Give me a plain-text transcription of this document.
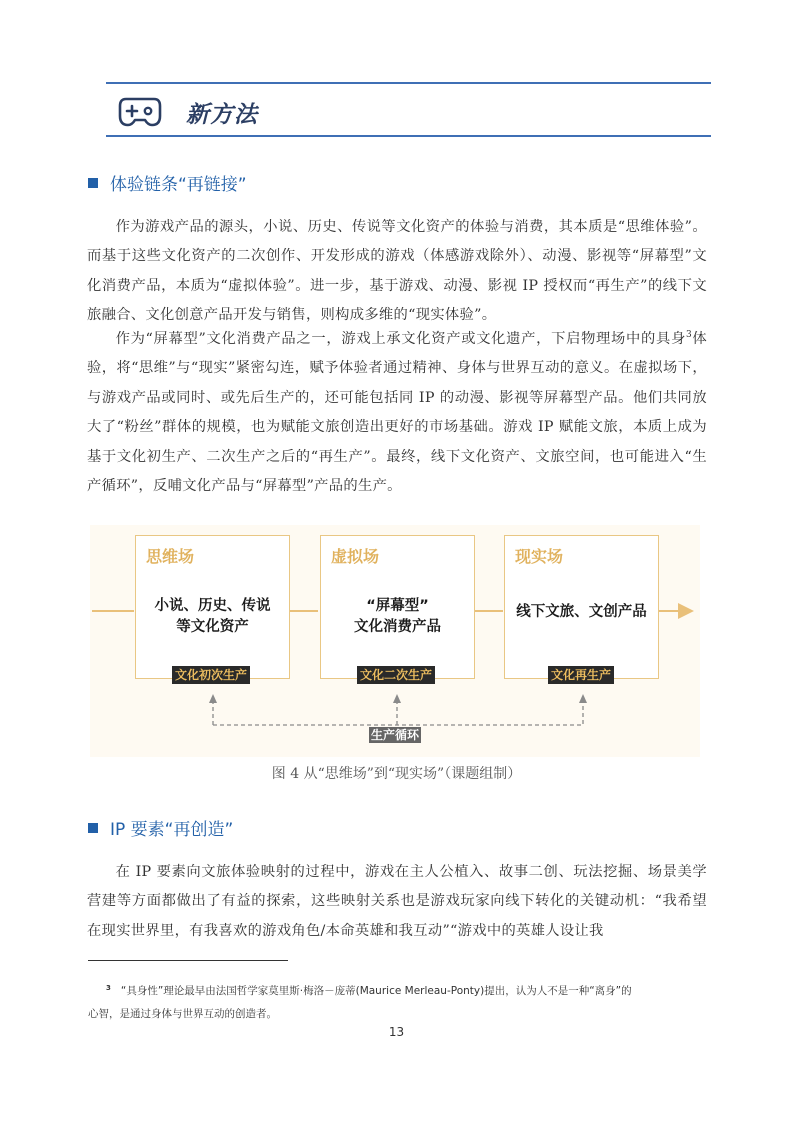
新方法
体验链条“再链接”

作为游戏产品的源头，小说、历史、传说等文化资产的体验与消费，其本质是“思维体验”。而基于这些文化资产的二次创作、开发形成的游戏（体感游戏除外）、动漫、影视等“屏幕型”文化消费产品，本质为“虚拟体验”。进一步，基于游戏、动漫、影视 IP 授权而“再生产”的线下文旅融合、文化创意产品开发与销售，则构成多维的“现实体验”。

作为“屏幕型”文化消费产品之一，游戏上承文化资产或文化遗产，下启物理场中的具身$^3$体验，将“思维”与“现实”紧密勾连，赋予体验者通过精神、身体与世界互动的意义。在虚拟场下，与游戏产品或同时、或先后生产的，还可能包括同 IP 的动漫、影视等屏幕型产品。他们共同放大了“粉丝”群体的规模，也为赋能文旅创造出更好的市场基础。游戏 IP 赋能文旅，本质上成为基于文化初生产、二次生产之后的“再生产”。最终，线下文化资产、文旅空间，也可能进入“生产循环”，反哺文化产品与“屏幕型”产品的生产。

思维场
小说、历史、传说
等文化资产
文化初次生产
虚拟场
“屏幕型”
文化消费产品
文化二次生产
现实场
线下文旅、文创产品
文化再生产
生产循环
图 4 从“思维场”到“现实场”（课题组制）
IP 要素“再创造”

在 IP 要素向文旅体验映射的过程中，游戏在主人公植入、故事二创、玩法挖掘、场景美学营建等方面都做出了有益的探索，这些映射关系也是游戏玩家向线下转化的关键动机：“我希望在现实世界里，有我喜欢的游戏角色/本命英雄和我互动”“游戏中的英雄人设让我

$^3$ “具身性”理论最早由法国哲学家莫里斯·梅洛－庞蒂(Maurice Merleau-Ponty)提出，认为人不是一种“离身”的

心智，是通过身体与世界互动的创造者。

13
